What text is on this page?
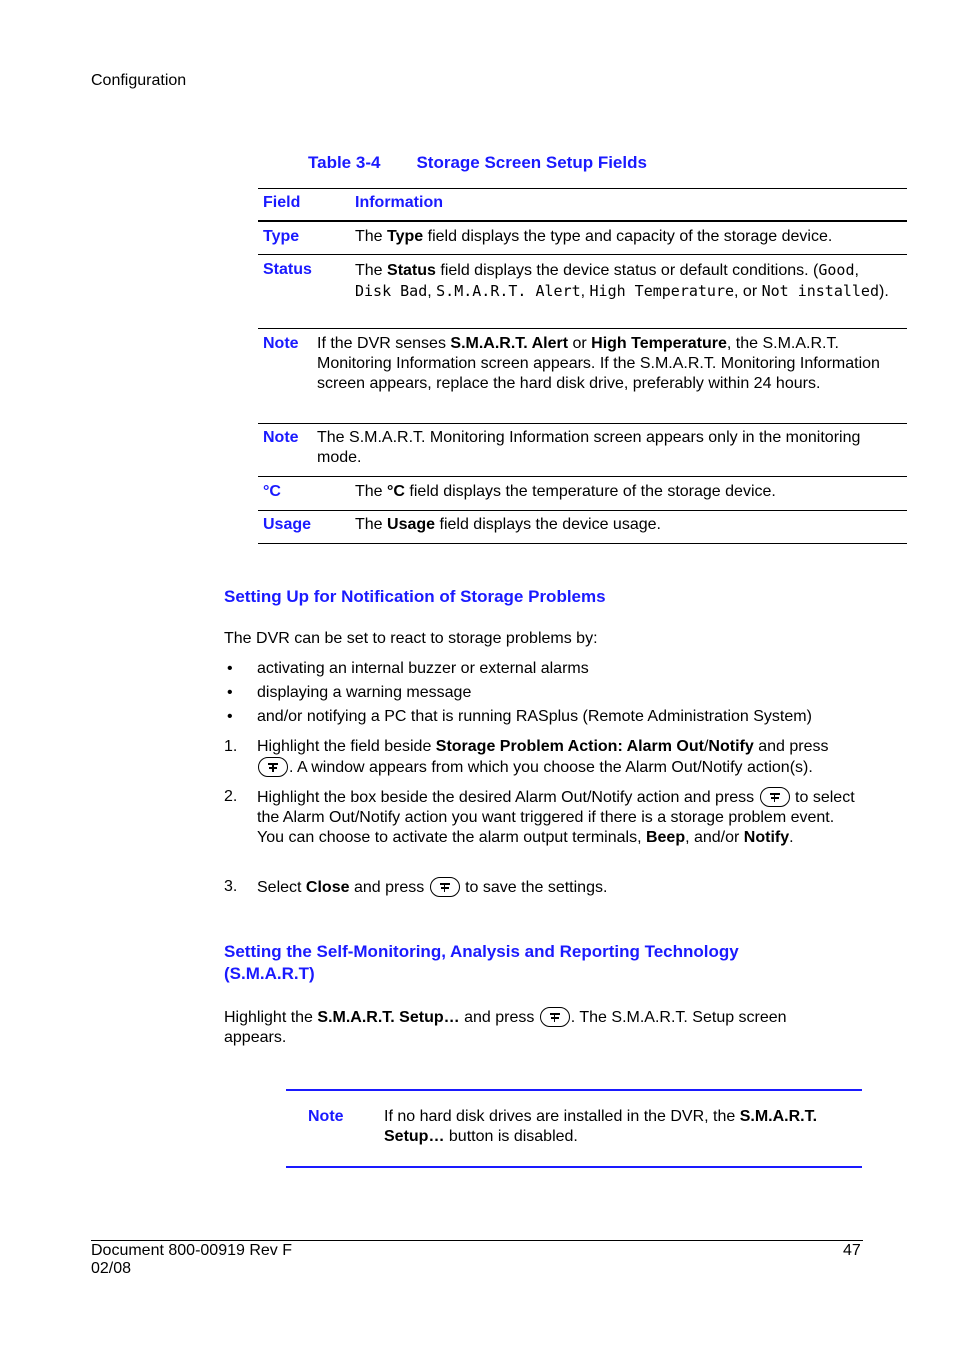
Configuration
Table 3-4 Storage Screen Setup Fields
Field	Information
Type	The Type field displays the type and capacity of the storage device.
Status	The Status field displays the device status or default conditions. (Good, Disk Bad, S.M.A.R.T. Alert, High Temperature, or Not installed).
Note If the DVR senses S.M.A.R.T. Alert or High Temperature, the S.M.A.R.T. Monitoring Information screen appears. If the S.M.A.R.T. Monitoring Information screen appears, replace the hard disk drive, preferably within 24 hours.
Note The S.M.A.R.T. Monitoring Information screen appears only in the monitoring mode.
°C	The °C field displays the temperature of the storage device.
Usage	The Usage field displays the device usage.
Setting Up for Notification of Storage Problems
The DVR can be set to react to storage problems by:
• activating an internal buzzer or external alarms
• displaying a warning message
• and/or notifying a PC that is running RASplus (Remote Administration System)
1. Highlight the field beside Storage Problem Action: Alarm Out/Notify and press

. A window appears from which you choose the Alarm Out/Notify action(s).
2. Highlight the box beside the desired Alarm Out/Notify action and press
to select the Alarm Out/Notify action you want triggered if there is a storage problem event. You can choose to activate the alarm output terminals, Beep, and/or Notify.
3. Select Close and press
to save the settings.
Setting the Self-Monitoring, Analysis and Reporting Technology
(S.M.A.R.T)
Highlight the S.M.A.R.T. Setup… and press
. The S.M.A.R.T. Setup screen appears.
Note	If no hard disk drives are installed in the DVR, the S.M.A.R.T. Setup… button is disabled.
Document 800-00919 Rev F
02/08
47
